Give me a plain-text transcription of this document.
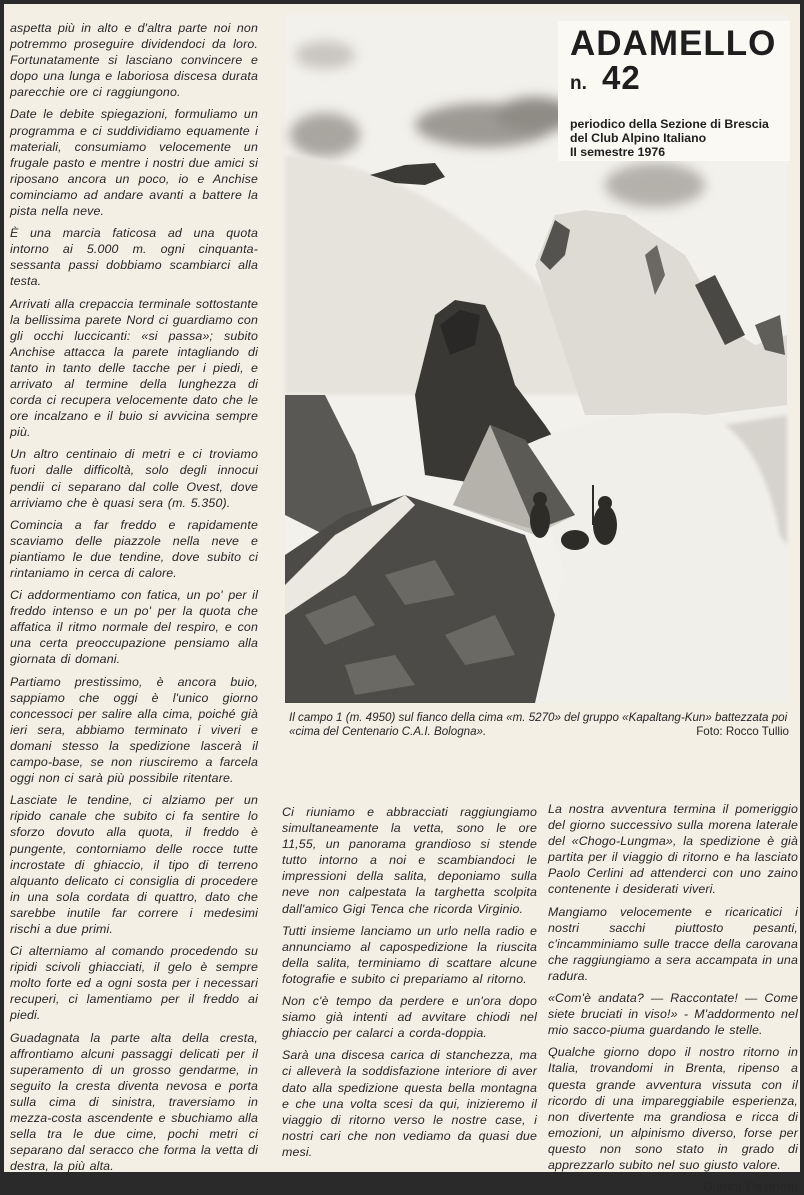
aspetta più in alto e d'altra parte noi non potremmo proseguire dividendoci da loro. Fortunatamente si lasciano convincere e dopo una lunga e laboriosa discesa durata parecchie ore ci raggiungono.

Date le debite spiegazioni, formuliamo un programma e ci suddividiamo equamente i materiali, consumiamo velocemente un frugale pasto e mentre i nostri due amici si riposano ancora un poco, io e Anchise cominciamo ad andare avanti a battere la pista nella neve.

È una marcia faticosa ad una quota intorno ai 5.000 m. ogni cinquanta-sessanta passi dobbiamo scambiarci alla testa.

Arrivati alla crepaccia terminale sottostante la bellissima parete Nord ci guardiamo con gli occhi luccicanti: «si passa»; subito Anchise attacca la parete intagliando di tanto in tanto delle tacche per i piedi, e arrivato al termine della lunghezza di corda ci recupera velocemente dato che le ore incalzano e il buio si avvicina sempre più.

Un altro centinaio di metri e ci troviamo fuori dalle difficoltà, solo degli innocui pendii ci separano dal colle Ovest, dove arriviamo che è quasi sera (m. 5.350).

Comincia a far freddo e rapidamente scaviamo delle piazzole nella neve e piantiamo le due tendine, dove subito ci rintaniamo in cerca di calore.

Ci addormentiamo con fatica, un po' per il freddo intenso e un po' per la quota che affatica il ritmo normale del respiro, e con una certa preoccupazione pensiamo alla giornata di domani.

Partiamo prestissimo, è ancora buio, sappiamo che oggi è l'unico giorno concessoci per salire alla cima, poiché già ieri sera, abbiamo terminato i viveri e domani stesso la spedizione lascerà il campo-base, se non riusciremo a farcela oggi non ci sarà più possibile ritentare.

Lasciate le tendine, ci alziamo per un ripido canale che subito ci fa sentire lo sforzo dovuto alla quota, il freddo è pungente, contorniamo delle rocce tutte incrostate di ghiaccio, il tipo di terreno alquanto delicato ci consiglia di procedere in una sola cordata di quattro, dato che sarebbe inutile far correre i medesimi rischi a due primi.

Ci alterniamo al comando procedendo su ripidi scivoli ghiacciati, il gelo è sempre molto forte ed a ogni sosta per i necessari recuperi, ci lamentiamo per il freddo ai piedi.

Guadagnata la parte alta della cresta, affrontiamo alcuni passaggi delicati per il superamento di un grosso gendarme, in seguito la cresta diventa nevosa e porta sulla cima di sinistra, traversiamo in mezza-costa ascendente e sbuchiamo alla sella tra le due cime, pochi metri ci separano dal seracco che forma la vetta di destra, la più alta.

ADAMELLO
n. 42
periodico della Sezione di Brescia
del Club Alpino Italiano
II semestre 1976
Il campo 1 (m. 4950) sul fianco della cima «m. 5270» del gruppo «Kapaltang-Kun» battezzata poi «cima del Centenario C.A.I. Bologna».	Foto: Rocco Tullio

Ci riuniamo e abbracciati raggiungiamo simultaneamente la vetta, sono le ore 11,55, un panorama grandioso si stende tutto intorno a noi e scambiandoci le impressioni della salita, deponiamo sulla neve non calpestata la targhetta scolpita dall'amico Gigi Tenca che ricorda Virginio.

Tutti insieme lanciamo un urlo nella radio e annunciamo al capospedizione la riuscita della salita, terminiamo di scattare alcune fotografie e subito ci prepariamo al ritorno.

Non c'è tempo da perdere e un'ora dopo siamo già intenti ad avvitare chiodi nel ghiaccio per calarci a corda-doppia.

Sarà una discesa carica di stanchezza, ma ci alleverà la soddisfazione interiore di aver dato alla spedizione questa bella montagna e che una volta scesi da qui, inizieremo il viaggio di ritorno verso le nostre case, i nostri cari che non vediamo da quasi due mesi.

La nostra avventura termina il pomeriggio del giorno successivo sulla morena laterale del «Chogo-Lungma», la spedizione è già partita per il viaggio di ritorno e ha lasciato Paolo Cerlini ad attenderci con uno zaino contenente i desiderati viveri.

Mangiamo velocemente e ricaricatici i nostri sacchi piuttosto pesanti, c'incamminiamo sulle tracce della carovana che raggiungiamo a sera accampata in una radura.

«Com'è andata? — Raccontate! — Come siete bruciati in viso!» - M'addormento nel mio sacco-piuma guardando le stelle.

Qualche giorno dopo il nostro ritorno in Italia, trovandomi in Brenta, ripenso a questa grande avventura vissuta con il ricordo di una impareggiabile esperienza, non divertente ma grandiosa e ricca di emozioni, un alpinismo diverso, forse per questo non sono stato in grado di apprezzarlo subito nel suo giusto valore.

Gianni Pasinetti
